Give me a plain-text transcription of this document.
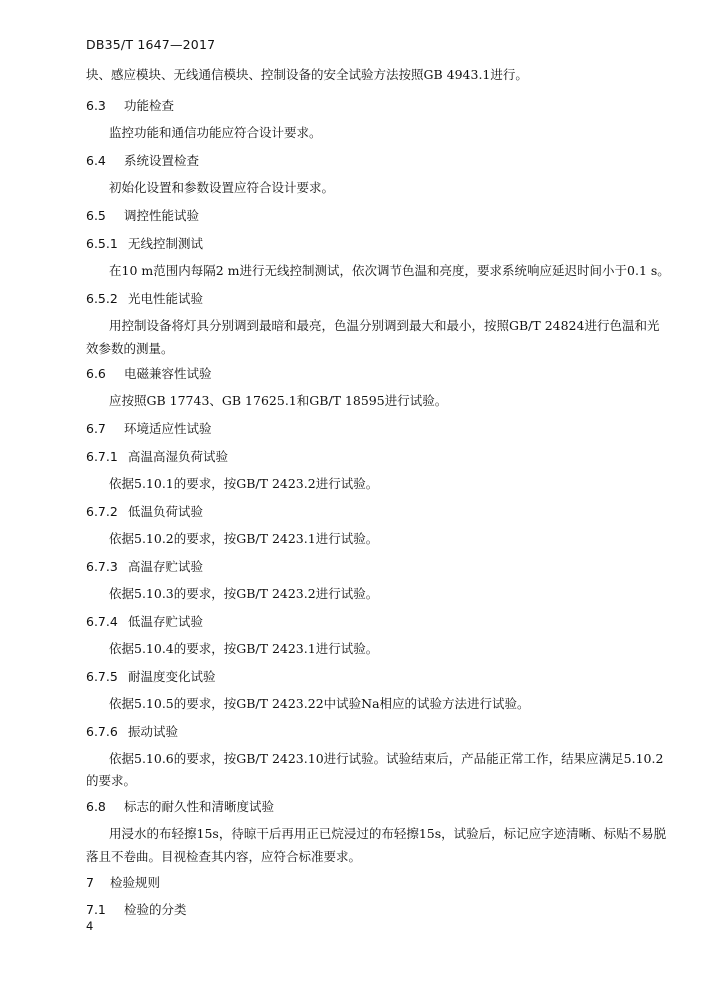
DB35/T 1647—2017
块、感应模块、无线通信模块、控制设备的安全试验方法按照GB 4943.1进行。
6.3 功能检查
监控功能和通信功能应符合设计要求。
6.4 系统设置检查
初始化设置和参数设置应符合设计要求。
6.5 调控性能试验
6.5.1 无线控制测试
在10 m范围内每隔2 m进行无线控制测试，依次调节色温和亮度，要求系统响应延迟时间小于0.1 s。
6.5.2 光电性能试验
用控制设备将灯具分别调到最暗和最亮，色温分别调到最大和最小，按照GB/T 24824进行色温和光
效参数的测量。
6.6 电磁兼容性试验
应按照GB 17743、GB 17625.1和GB/T 18595进行试验。
6.7 环境适应性试验
6.7.1 高温高湿负荷试验
依据5.10.1的要求，按GB/T 2423.2进行试验。
6.7.2 低温负荷试验
依据5.10.2的要求，按GB/T 2423.1进行试验。
6.7.3 高温存贮试验
依据5.10.3的要求，按GB/T 2423.2进行试验。
6.7.4 低温存贮试验
依据5.10.4的要求，按GB/T 2423.1进行试验。
6.7.5 耐温度变化试验
依据5.10.5的要求，按GB/T 2423.22中试验Na相应的试验方法进行试验。
6.7.6 振动试验
依据5.10.6的要求，按GB/T 2423.10进行试验。试验结束后，产品能正常工作，结果应满足5.10.2
的要求。
6.8 标志的耐久性和清晰度试验
用浸水的布轻擦15s，待晾干后再用正已烷浸过的布轻擦15s，试验后，标记应字迹清晰、标贴不易脱
落且不卷曲。目视检查其内容，应符合标准要求。
7 检验规则
7.1 检验的分类
4
